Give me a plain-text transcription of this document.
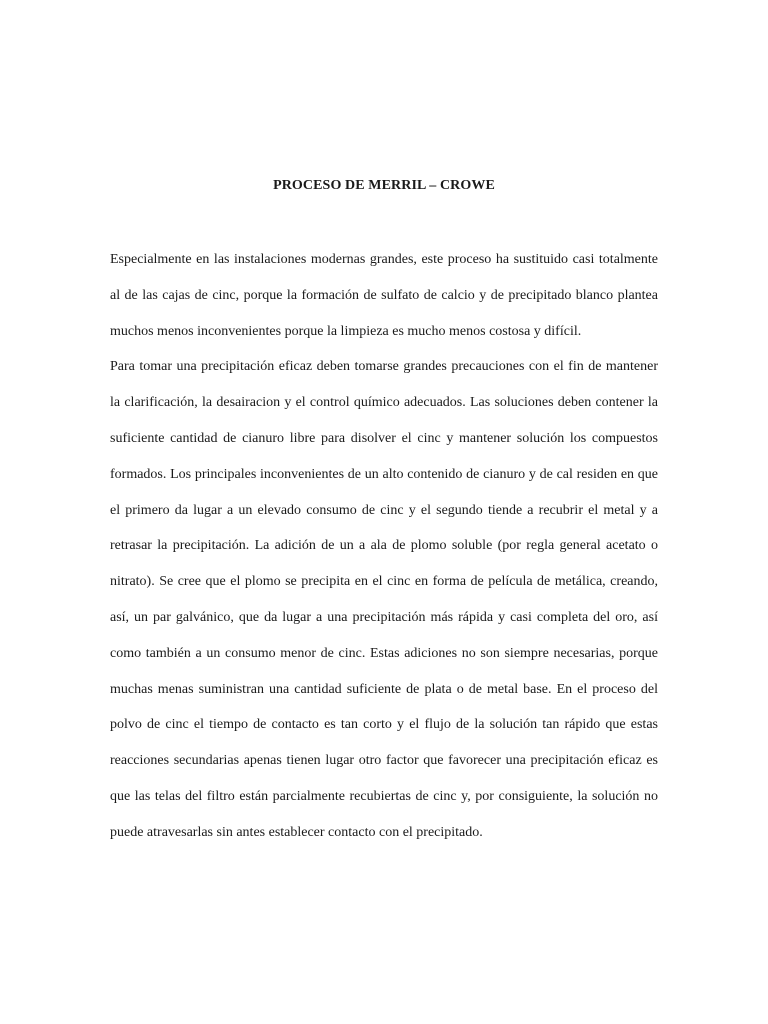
PROCESO DE MERRIL – CROWE

Especialmente en las instalaciones modernas grandes, este proceso ha sustituido casi totalmente al de las cajas de cinc, porque la formación de sulfato de calcio y de precipitado blanco plantea muchos menos inconvenientes porque la limpieza es mucho menos costosa y difícil.

Para tomar una precipitación eficaz deben tomarse grandes precauciones con el fin de mantener la clarificación, la desairacion y el control químico adecuados. Las soluciones deben contener la suficiente cantidad de cianuro libre para disolver el cinc y mantener solución los compuestos formados. Los principales inconvenientes de un alto contenido de cianuro y de cal residen en que el primero da lugar a un elevado consumo de cinc y el segundo tiende a recubrir el metal y a retrasar la precipitación. La adición de un a ala de plomo soluble (por regla general acetato o nitrato). Se cree que el plomo se precipita en el cinc en forma de película de metálica, creando, así, un par galvánico, que da lugar a una precipitación más rápida y casi completa del oro, así como también a un consumo menor de cinc. Estas adiciones no son siempre necesarias, porque muchas menas suministran una cantidad suficiente de plata o de metal base. En el proceso del polvo de cinc el tiempo de contacto es tan corto y el flujo de la solución tan rápido que estas reacciones secundarias apenas tienen lugar otro factor que favorecer una precipitación eficaz es que las telas del filtro están parcialmente recubiertas de cinc y, por consiguiente, la solución no puede atravesarlas sin antes establecer contacto con el precipitado.
